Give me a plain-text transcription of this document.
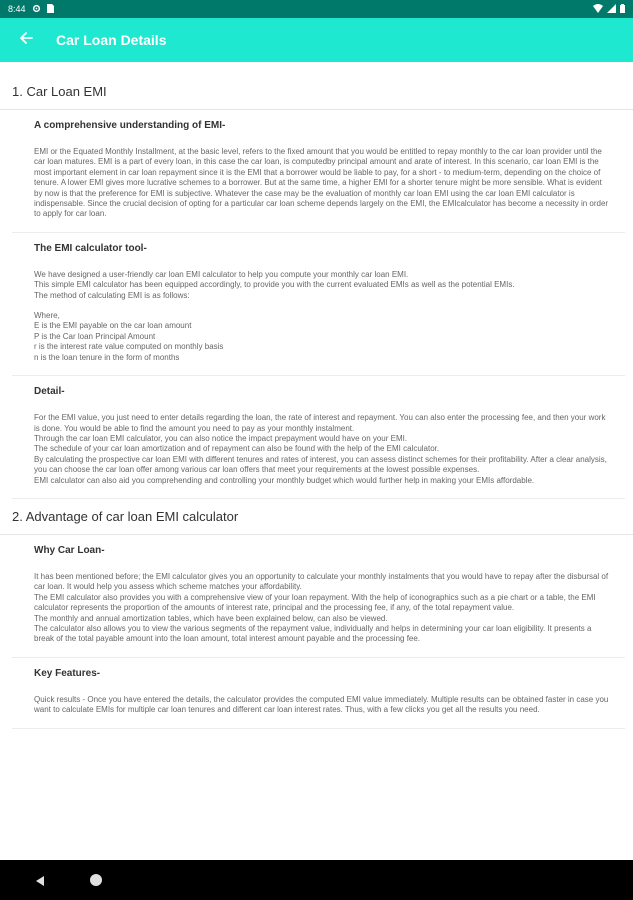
8:44
Car Loan Details
1. Car Loan EMI
A comprehensive understanding of EMI-

EMI or the Equated Monthly Installment, at the basic level, refers to the fixed amount that you would be entitled to repay monthly to the car loan provider until the car loan matures. EMI is a part of every loan, in this case the car loan, is computedby principal amount and arate of interest. In this scenario, car loan EMI is the most important element in car loan repayment since it is the EMI that a borrower would be liable to pay, for a short - to medium-term, depending on the choice of tenure. A lower EMI gives more lucrative schemes to a borrower. But at the same time, a higher EMI for a shorter tenure might be more sensible. What is evident by now is that the preference for EMI is subjective. Whatever the case may be the evaluation of monthly car loan EMI using the car loan EMI calculator is indispensable. Since the crucial decision of opting for a particular car loan scheme depends largely on the EMI, the EMIcalculator has become a necessity in order to apply for car loan.

The EMI calculator tool-

We have designed a user-friendly car loan EMI calculator to help you compute your monthly car loan EMI.

This simple EMI calculator has been equipped accordingly, to provide you with the current evaluated EMIs as well as the potential EMIs.

The method of calculating EMI is as follows:

Where,

E is the EMI payable on the car loan amount

P is the Car loan Principal Amount

r is the interest rate value computed on monthly basis

n is the loan tenure in the form of months

Detail-

For the EMI value, you just need to enter details regarding the loan, the rate of interest and repayment. You can also enter the processing fee, and then your work is done. You would be able to find the amount you need to pay as your monthly instalment.

Through the car loan EMI calculator, you can also notice the impact prepayment would have on your EMI.

The schedule of your car loan amortization and of repayment can also be found with the help of the EMI calculator.

By calculating the prospective car loan EMI with different tenures and rates of interest, you can assess distinct schemes for their profitability. After a clear analysis, you can choose the car loan offer among various car loan offers that meet your requirements at the lowest possible expenses.

EMI calculator can also aid you comprehending and controlling your monthly budget which would further help in making your EMIs affordable.

2. Advantage of car loan EMI calculator
Why Car Loan-

It has been mentioned before; the EMI calculator gives you an opportunity to calculate your monthly instalments that you would have to repay after the disbursal of car loan. It would help you assess which scheme matches your affordability.

The EMI calculator also provides you with a comprehensive view of your loan repayment. With the help of iconographics such as a pie chart or a table, the EMI calculator represents the proportion of the amounts of interest rate, principal and the processing fee, if any, of the total repayment value.

The monthly and annual amortization tables, which have been explained below, can also be viewed.

The calculator also allows you to view the various segments of the repayment value, individually and helps in determining your car loan eligibility. It presents a break of the total payable amount into the loan amount, total interest amount payable and the processing fee.

Key Features-

Quick results - Once you have entered the details, the calculator provides the computed EMI value immediately. Multiple results can be obtained faster in case you want to calculate EMIs for multiple car loan tenures and different car loan interest rates. Thus, with a few clicks you get all the results you need.
